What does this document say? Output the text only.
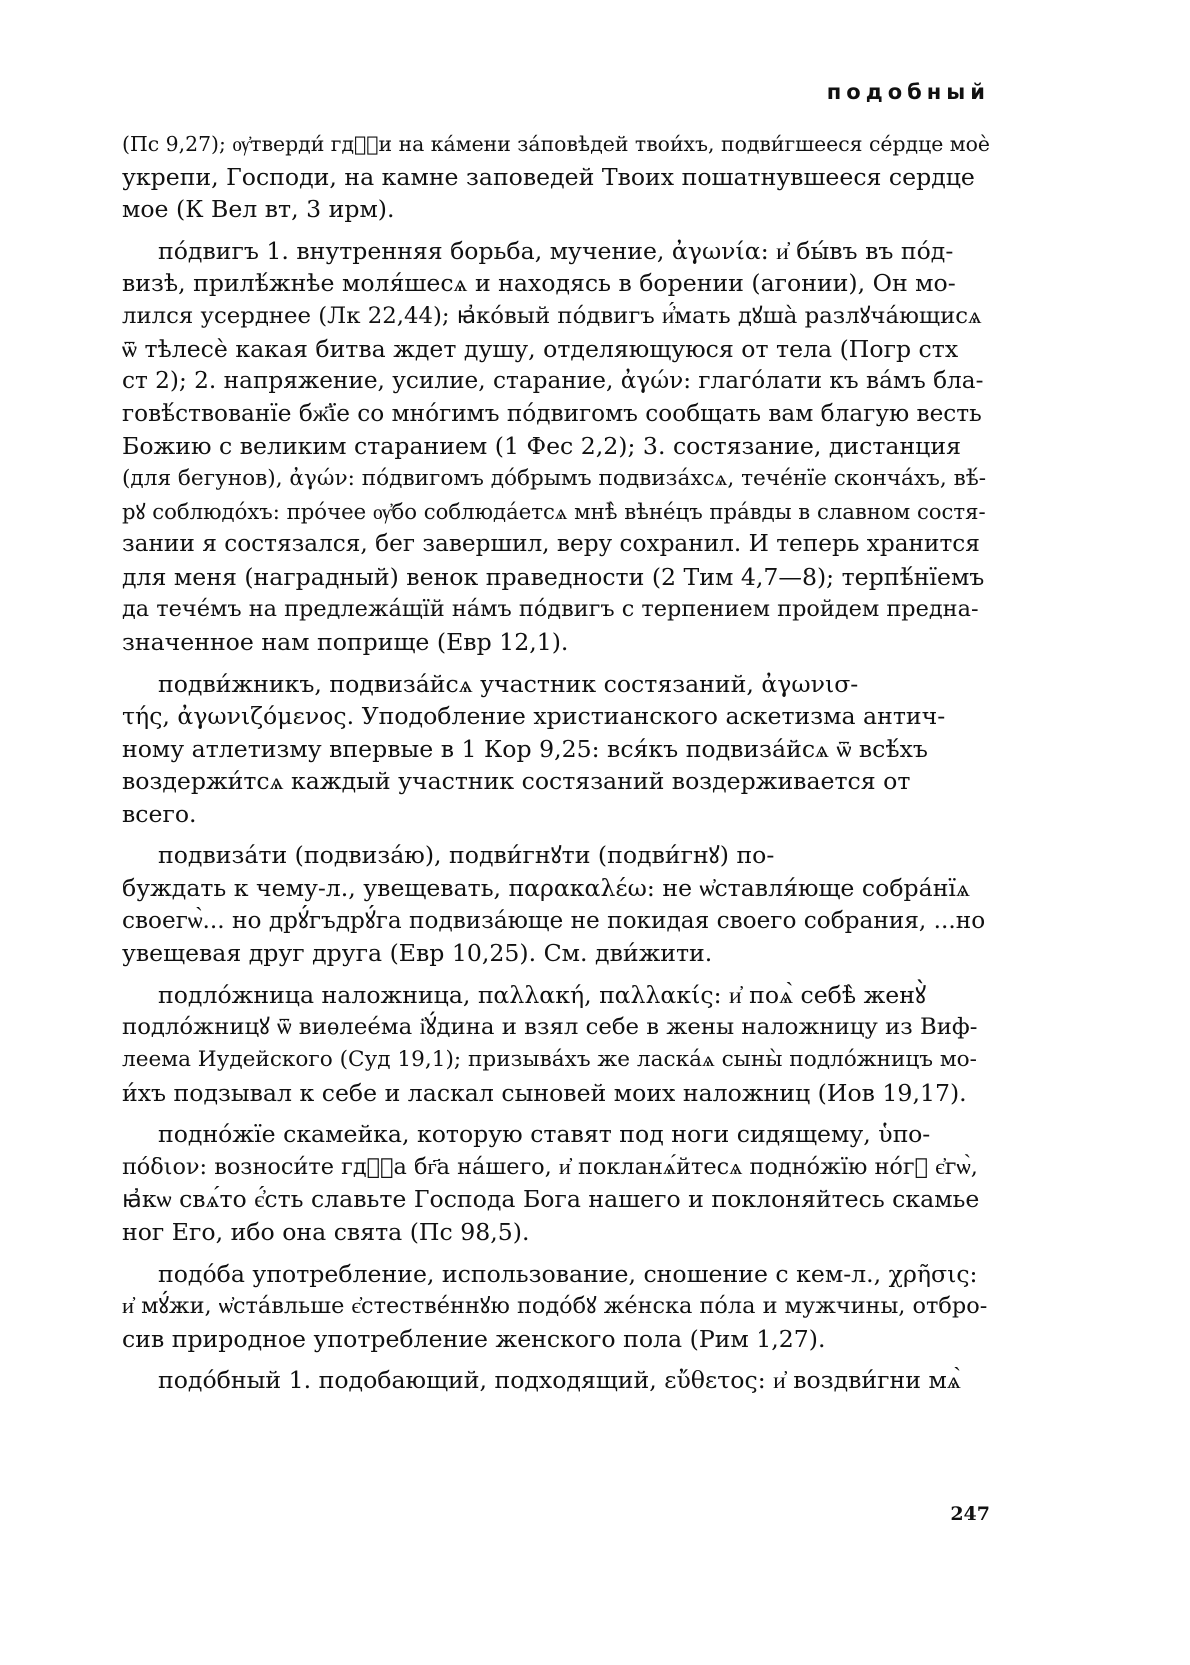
подобный
(Пс 9,27); ѹ҆тверди́ гдⷭ҇и на ка́мени за́повѣдей твои́хъ, подви́гшееся се́рдце моѐ
укрепи, Господи, на камне заповедей Твоих пошатнувшееся сердце
мое (К Вел вт, 3 ирм).
по́двигъ 1. внутренняя борьба, мучение, ἀγωνία: и҆ бы́въ въ по́д-
визѣ, прилѣ́жнѣе моля́шесѧ и находясь в борении (агонии), Он мо-
лился усерднее (Лк 22,44); ꙗ҆ко́вый по́двигъ и҆́мать дꙋша̀ разлꙋча́ющисѧ
ѿ тѣлесѐ какая битва ждет душу, отделяющуюся от тела (Погр стх
ст 2); 2. напряжение, усилие, старание, ἀγών: глаго́лати къ ва́мъ бла-
говѣ́ствованїе бж҃їе со мно́гимъ по́двигомъ сообщать вам благую весть
Божию с великим старанием (1 Фес 2,2); 3. состязание, дистанция
(для бегунов), ἀγών: по́двигомъ до́брымъ подвиза́хсѧ, тече́нїе сконча́хъ, вѣ́-
рꙋ соблюдо́хъ: про́чее ѹ҆бо соблюда́етсѧ мнѣ̀ вѣне́цъ пра́вды в славном состя-
зании я состязался, бег завершил, веру сохранил. И теперь хранится
для меня (наградный) венок праведности (2 Тим 4,7—8); терпѣ́нїемъ
да тече́мъ на предлежа́щїй на́мъ по́двигъ с терпением пройдем предна-
значенное нам поприще (Евр 12,1).
подви́жникъ, подвиза́йсѧ участник состязаний, ἀγωνισ-
τής, ἀγωνιζόμενος. Уподобление христианского аскетизма антич-
ному атлетизму впервые в 1 Кор 9,25: вся́къ подвиза́йсѧ ѿ всѣ́хъ
воздержи́тсѧ каждый участник состязаний воздерживается от
всего.
подвиза́ти (подвиза́ю), подви́гнꙋти (подви́гнꙋ) по-
буждать к чему-л., увещевать, παρακαλέω: не ѡ҆ставля́юще собра́нїѧ
своегѡ̀... но дрꙋ́гъдрꙋ́га подвиза́юще не покидая своего собрания, ...но
увещевая друг друга (Евр 10,25). См. дви́жити.
подло́жница наложница, παλλακή, παλλακίς: и҆ поѧ̀ себѣ̀ женꙋ̀
подло́жницꙋ ѿ виѳлее́ма і҆ꙋ́дина и взял себе в жены наложницу из Виф-
леема Иудейского (Суд 19,1); призыва́хъ же ласка́ѧ сыны̀ подло́жницъ мо-
и́хъ подзывал к себе и ласкал сыновей моих наложниц (Иов 19,17).
подно́жїе скамейка, которую ставят под ноги сидящему, ὑπο-
πόδιον: возноси́те гдⷭ҇а бг҃а на́шего, и҆ покланѧ́йтесѧ подно́жїю но́гꙋ є҆гѡ̀,
ꙗ҆кѡ свѧ́то є҆́сть славьте Господа Бога нашего и поклоняйтесь скамье
ног Его, ибо она свята (Пс 98,5).
подо́ба употребление, использование, сношение с кем-л., χρῆσις:
и҆ мꙋ́жи, ѡ҆ста́вльше є҆стестве́ннꙋю подо́бꙋ же́нска по́ла и мужчины, отбро-
сив природное употребление женского пола (Рим 1,27).
подо́бный 1. подобающий, подходящий, εὔθετος: и҆ воздви́гни мѧ̀
247
